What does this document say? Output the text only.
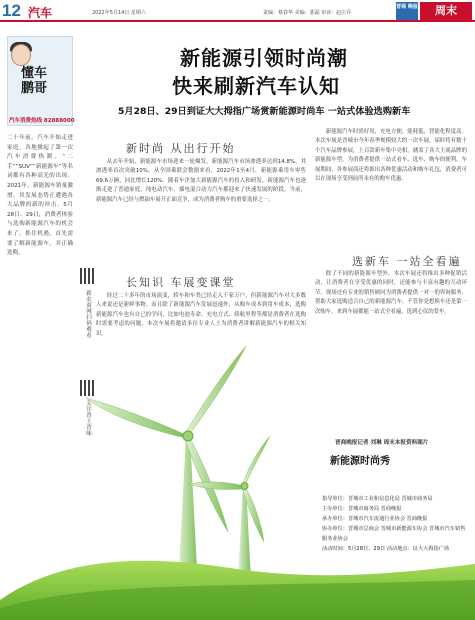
12 汽车	2022年5月14日 星期六	责编：蔡春华 美编：郭磊 审读：赵庄乔
晋商 晚报	周末
懂车
鹏哥
汽车消费热线 82888000
二十年前，汽车开始走进家庭，各地掀起了第一次汽车消费热潮。“二手”“SUV”“新能源车”等名词都有各种高光的出现。2021年，新能源车销量激增，其发展态势正遭遇各大品牌的新的冲击。5月28日、29日，消费者体验与选购新能源汽车的机会来了。抓住机遇，首先需要了解新能源车，并正确选购。
新农商网扫码观看
关注晋土晋味
新能源引领时尚潮
快来刷新汽车认知
5月28日、29日到证大大拇指广场赏新能源时尚车 一站式体验选购新车
新时尚 从出行开始
从去年开始，新能源车市场迎来一轮爆发，新能源汽车市场渗透率达到14.8%，其渗透率首次突破10%。从全国乘联会数据来看，2022年1至4月，新能源乘用车零售69.6万辆，同比增长120%。随着车企加大新能源汽车的投入和研发，新能源汽车也逐渐走进了普通家庭，纯电动汽车、插电混合动力汽车都迎来了快速发展的阶段。当前，新能源汽车已经与燃油车展开正面竞争，成为消费者购车的重要选择之一。
长知识 车展变课堂
经过二十多年的市场演变，轿车和车类已经走入千家万户，但新能源汽车对大多数人来说还是新鲜事物。而且除了新能源汽车发展迅速外，从购车成本到用车成本，选购新能源汽车也有自己的学问，比如电池寿命、充电方式、续航里程等都是消费者在选购时需要考虑的问题。本次车展将邀请多位专业人士为消费者讲解新能源汽车的相关知识。
新能源汽车时尚好用，充电方便，能耗低，智能化程度高。本次车展是晋城市今年春季规模较大的一次车展，届时将有数十个汽车品牌参展，上百款新车集中亮相，涵盖了各大主流品牌的新能源车型，为消费者提供一站式看车、选车、购车的便利。车展期间，各参展商还将推出各种优惠活动和购车礼包，消费者可以在现场享受到前所未有的购车优惠。
选新车 一站全看遍
除了不同的新能源车型外，本次车展还将推出多种促销活动，让消费者在享受优惠的同时，还能参与丰富有趣的互动环节。现场还有专业的销售顾问为消费者提供一对一的咨询服务，帮助大家选购适合自己的新能源汽车。不管你是想换车还是第一次购车，来到车展都能一站式全看遍，选到心仪的爱车。
晋商晚报记者 刘琳 周末本报资料图片
新能源时尚秀
指导单位：晋城市工业和信息化局 晋城市商务局
主办单位：晋城市商务局 晋商晚报
承办单位：晋城市汽车流通行业协会 晋商晚报
协办单位：晋城市总商会 晋城市新能源车协会 晋城市汽车销售服务业协会
活动时间：5月28日、29日 活动地点：证大大拇指广场
